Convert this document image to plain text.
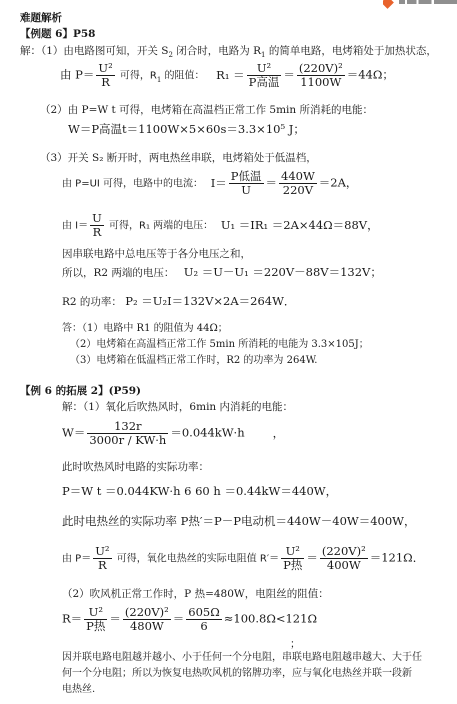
难题解析
【例题 6】P58
解：（1）由电路图可知，开关 $S_2$ 闭合时，电路为 $R_1$ 的简单电路，电烤箱处于加热状态，
由 $P= \frac{\text{U²}}{R}$ 可得，$R_1$ 的阻值： $R_1 = \frac{\text{U²}}{\text{P高温}} = \frac{\text{(220V)²}}{1100W} =44\Omega$；
（2）由 P=W t 可得，电烤箱在高温档正常工作 5min 所消耗的电能：
W＝P高温t＝1100W×5×60s＝3.3×10⁵ J；
（3）开关 S₂ 断开时，两电热丝串联，电烤箱处于低温档，
由 P=UI 可得，电路中的电流： $I= \frac{\text{P低温}}{U} = \frac{440W}{220V} =2A$，
由 $I= \frac{U}{R}$ 可得，R₁ 两端的电压： U₁ ＝IR₁ ＝2A×44Ω＝88V，
因串联电路中总电压等于各分电压之和，
所以，R2 两端的电压： U₂ ＝U－U₁ ＝220V－88V＝132V；
R2 的功率： P₂ ＝U₂I＝132V×2A＝264W．
答：（1）电路中 R1 的阻值为 44Ω；
（2）电烤箱在高温档正常工作 5min 所消耗的电能为 3.3×105J；
（3）电烤箱在低温档正常工作时，R2 的功率为 264W.
【例 6 的拓展 2】(P59)
解：（1）氧化后吹热风时，6min 内消耗的电能：
$W= \frac{132r}{3000r / KW\cdot h} =0.044kW\cdot h$ ，
此时吹热风时电路的实际功率：
P＝W t ＝0.044KW·h 6 60 h ＝0.44kW＝440W，
此时电热丝的实际功率 P热′＝P－P电动机＝440W－40W＝400W，
由 $P= \frac{\text{U²}}{R}$ 可得，氧化电热丝的实际电阻值 $R'= \frac{\text{U²}}{\text{P热}} = \frac{\text{(220V)²}}{400W} =121\Omega$．
（2）吹风机正常工作时，P 热=480W，电阻丝的阻值：
$R= \frac{\text{U²}}{\text{P热}} = \frac{\text{(220V)²}}{480W} = \frac{605\Omega}{6} \approx 100.8\Omega<121\Omega$
；
因并联电路电阻越并越小、小于任何一个分电阻，串联电路电阻越串越大、大于任
何一个分电阻；所以为恢复电热吹风机的铭牌功率，应与氧化电热丝并联一段新
电热丝.
